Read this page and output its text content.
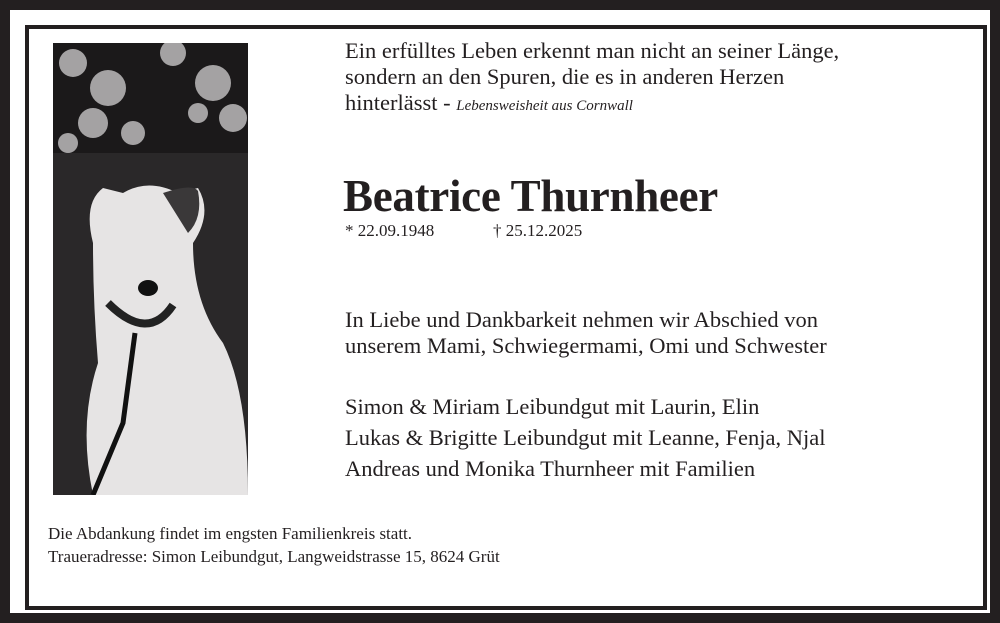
Ein erfülltes Leben erkennt man nicht an seiner Länge,
sondern an den Spuren, die es in anderen Herzen
hinterlässt - Lebensweisheit aus Cornwall
Beatrice Thurnheer
* 22.09.1948	† 25.12.2025
In Liebe und Dankbarkeit nehmen wir Abschied von
unserem Mami, Schwiegermami, Omi und Schwester
Simon & Miriam Leibundgut mit Laurin, Elin
Lukas & Brigitte Leibundgut mit Leanne, Fenja, Njal
Andreas und Monika Thurnheer mit Familien
Die Abdankung findet im engsten Familienkreis statt.
Traueradresse: Simon Leibundgut, Langweidstrasse 15, 8624 Grüt
